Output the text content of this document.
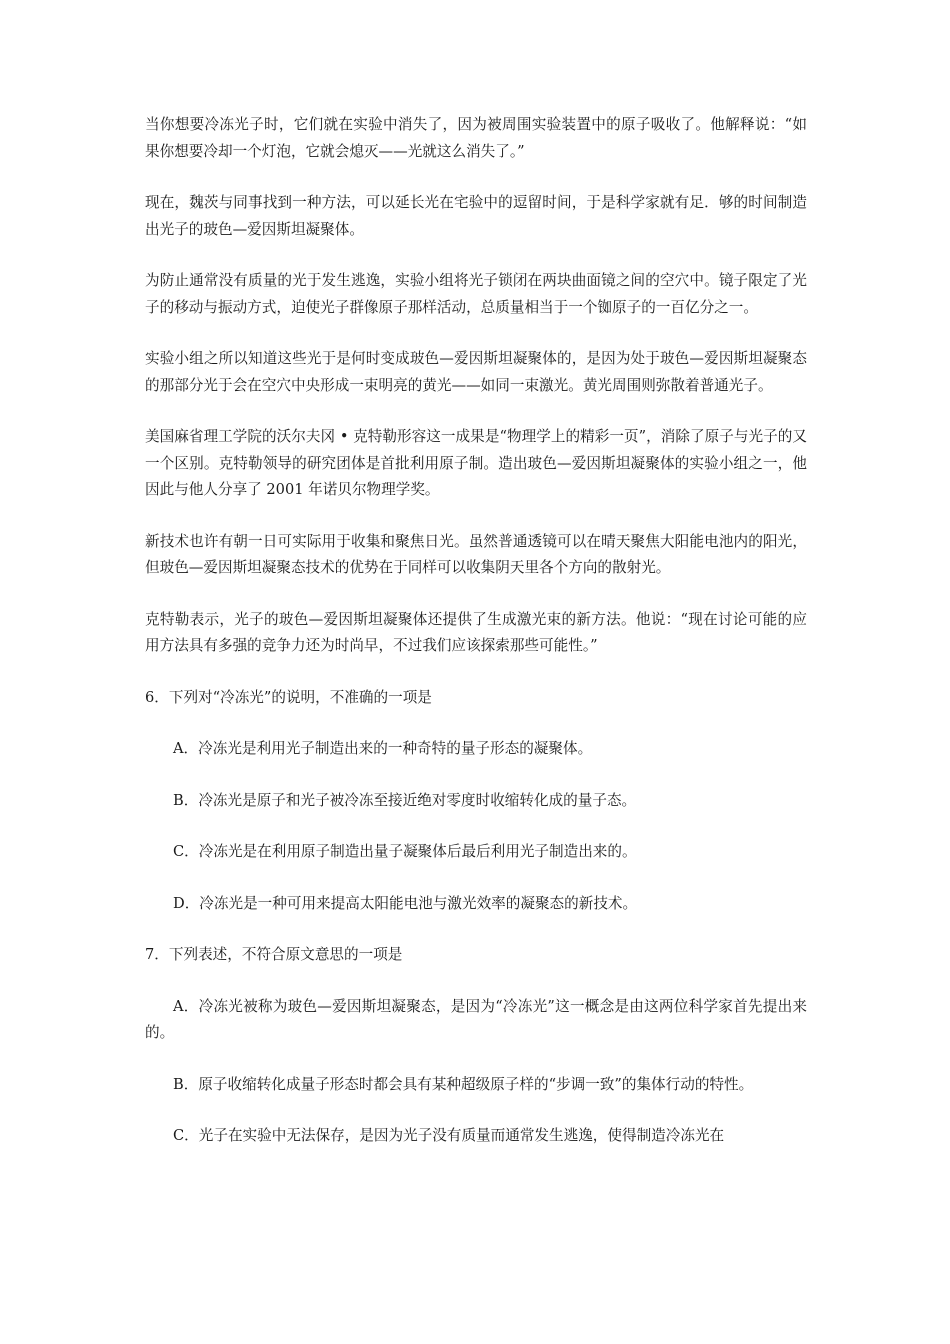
当你想要冷冻光子时，它们就在实验中消失了，因为被周围实验装置中的原子吸收了。他解释说：“如果你想要冷却一个灯泡，它就会熄灭——光就这么消失了。”

现在，魏茨与同事找到一种方法，可以延长光在宅验中的逗留时间，于是科学家就有足．够的时间制造出光子的玻色—爱因斯坦凝聚体。

为防止通常没有质量的光于发生逃逸，实验小组将光子锁闭在两块曲面镜之间的空穴中。镜子限定了光子的移动与振动方式，迫使光子群像原子那样活动，总质量相当于一个铷原子的一百亿分之一。

实验小组之所以知道这些光于是何时变成玻色—爱因斯坦凝聚体的，是因为处于玻色—爱因斯坦凝聚态的那部分光于会在空穴中央形成一束明亮的黄光——如同一束激光。黄光周围则弥散着普通光子。

美国麻省理工学院的沃尔夫冈 • 克特勒形容这一成果是“物理学上的精彩一页”，消除了原子与光子的又一个区别。克特勒领导的研究团体是首批利用原子制。造出玻色—爱因斯坦凝聚体的实验小组之一，他因此与他人分享了 2001 年诺贝尔物理学奖。

新技术也许有朝一日可实际用于收集和聚焦日光。虽然普通透镜可以在晴天聚焦大阳能电池内的阳光，但玻色—爱因斯坦凝聚态技术的优势在于同样可以收集阴天里各个方向的散射光。

克特勒表示，光子的玻色—爱因斯坦凝聚体还提供了生成激光束的新方法。他说：“现在讨论可能的应用方法具有多强的竞争力还为时尚早，不过我们应该探索那些可能性。”

6．下列对“冷冻光”的说明，不准确的一项是

A．冷冻光是利用光子制造出来的一种奇特的量子形态的凝聚体。

B．冷冻光是原子和光子被冷冻至接近绝对零度时收缩转化成的量子态。

C．冷冻光是在利用原子制造出量子凝聚体后最后利用光子制造出来的。

D．冷冻光是一种可用来提高太阳能电池与激光效率的凝聚态的新技术。

7．下列表述，不符合原文意思的一项是

A．冷冻光被称为玻色—爱因斯坦凝聚态，是因为“冷冻光”这一概念是由这两位科学家首先提出来的。

B．原子收缩转化成量子形态时都会具有某种超级原子样的“步调一致”的集体行动的特性。

C．光子在实验中无法保存，是因为光子没有质量而通常发生逃逸，使得制造冷冻光在
